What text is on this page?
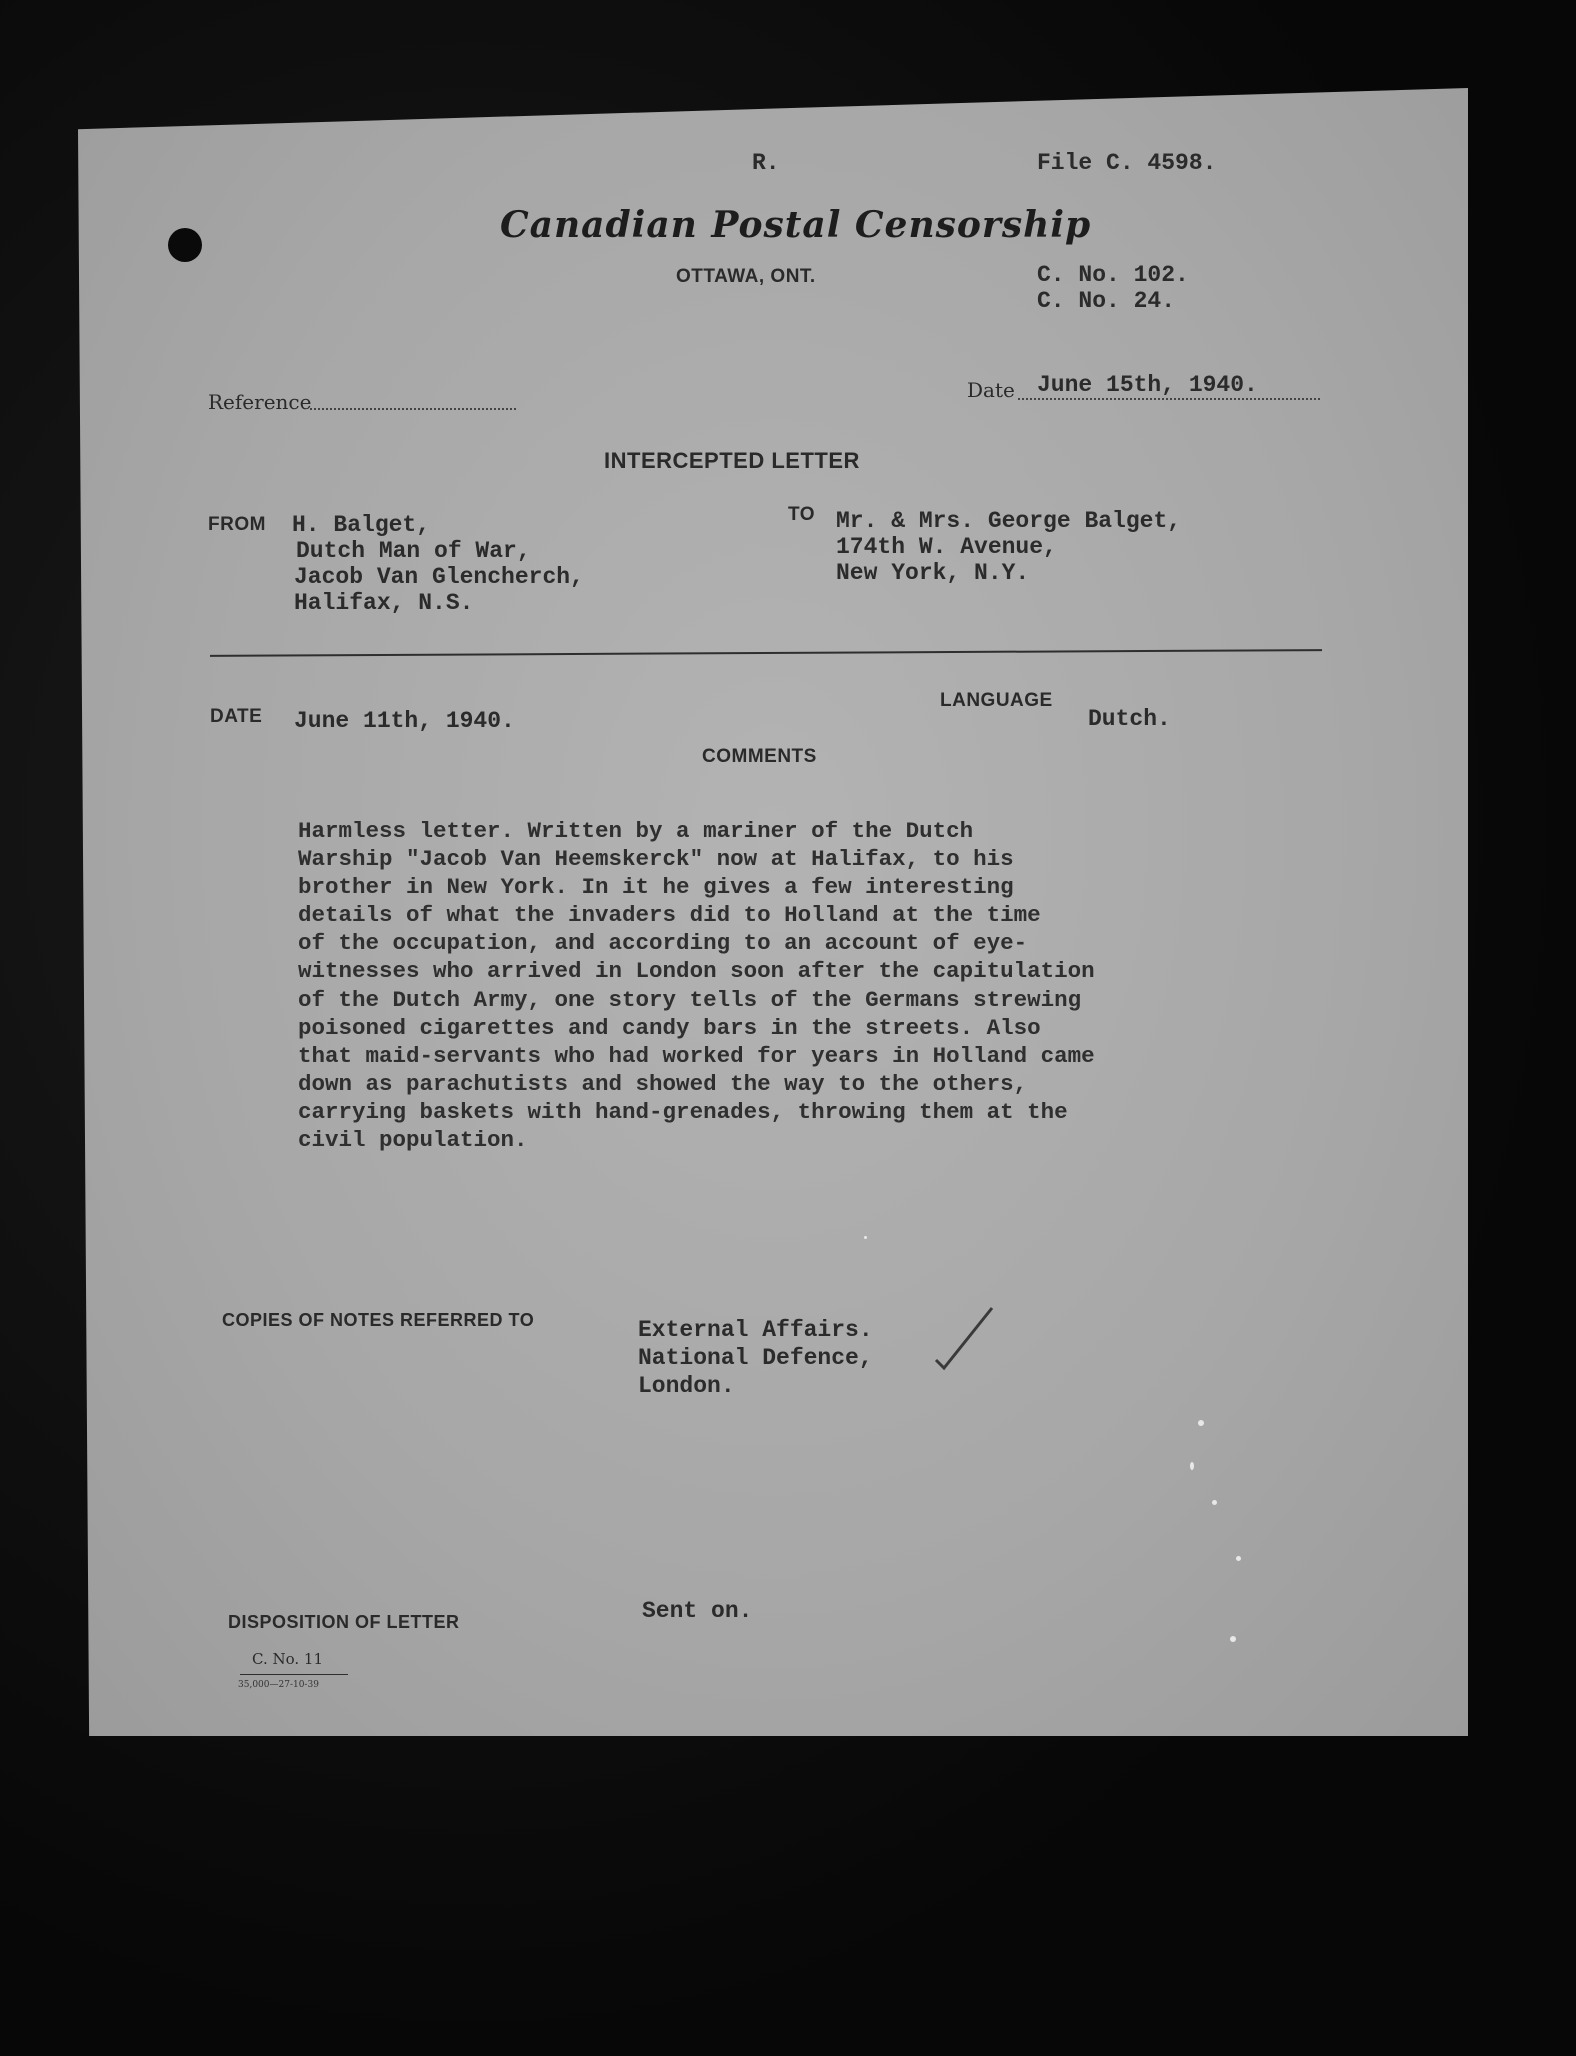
R.	File C. 4598.
Canadian Postal Censorship
OTTAWA, ONT.	C. No. 102.
C. No. 24.
Reference	Date June 15th, 1940.
INTERCEPTED LETTER
FROM H. Balget,
Dutch Man of War,
Jacob Van Glencherch,
Halifax, N.S.
TO Mr. & Mrs. George Balget,
174th W. Avenue,
New York, N.Y.
DATE June 11th, 1940.
LANGUAGE
Dutch.
COMMENTS

Harmless letter. Written by a mariner of the Dutch
Warship "Jacob Van Heemskerck" now at Halifax, to his
brother in New York. In it he gives a few interesting
details of what the invaders did to Holland at the time
of the occupation, and according to an account of eye-
witnesses who arrived in London soon after the capitulation
of the Dutch Army, one story tells of the Germans strewing
poisoned cigarettes and candy bars in the streets. Also
that maid-servants who had worked for years in Holland came
down as parachutists and showed the way to the others,
carrying baskets with hand-grenades, throwing them at the
civil population.

COPIES OF NOTES REFERRED TO	External Affairs.
National Defence,
London.
DISPOSITION OF LETTER	Sent on.
C. No. 11
35,000—27-10-39
